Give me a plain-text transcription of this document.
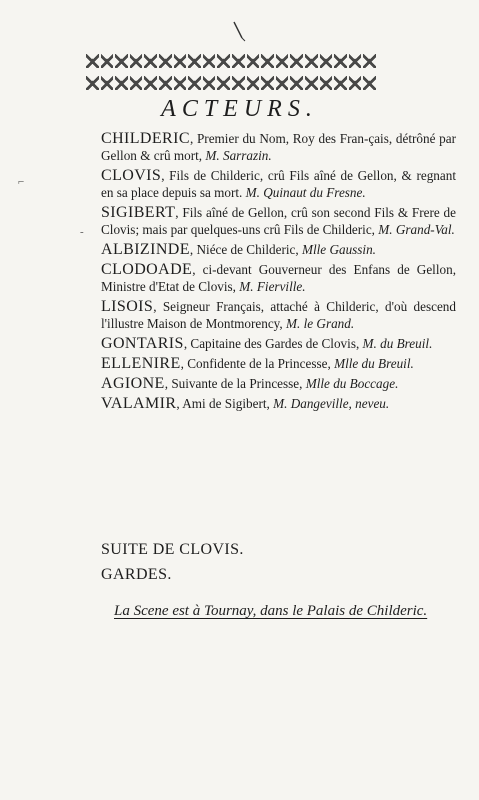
ACTEURS.
⌐
-
CHILDERIC, Premier du Nom, Roy des Fran-çais, détrôné par Gellon & crû mort, M. Sarrazin.
CLOVIS, Fils de Childeric, crû Fils aîné de Gellon, & regnant en sa place depuis sa mort. M. Quinaut du Fresne.
SIGIBERT, Fils aîné de Gellon, crû son second Fils & Frere de Clovis; mais par quelques-uns crû Fils de Childeric, M. Grand-Val.
ALBIZINDE, Niéce de Childeric, Mlle Gaussin.
CLODOADE, ci-devant Gouverneur des Enfans de Gellon, Ministre d'Etat de Clovis, M. Fierville.
LISOIS, Seigneur Français, attaché à Childeric, d'où descend l'illustre Maison de Montmorency, M. le Grand.
GONTARIS, Capitaine des Gardes de Clovis, M. du Breuil.
ELLENIRE, Confidente de la Princesse, Mlle du Breuil.
AGIONE, Suivante de la Princesse, Mlle du Boccage.
VALAMIR, Ami de Sigibert, M. Dangeville, neveu.
SUITE DE CLOVIS.
GARDES.
La Scene est à Tournay, dans le Palais de Childeric.
